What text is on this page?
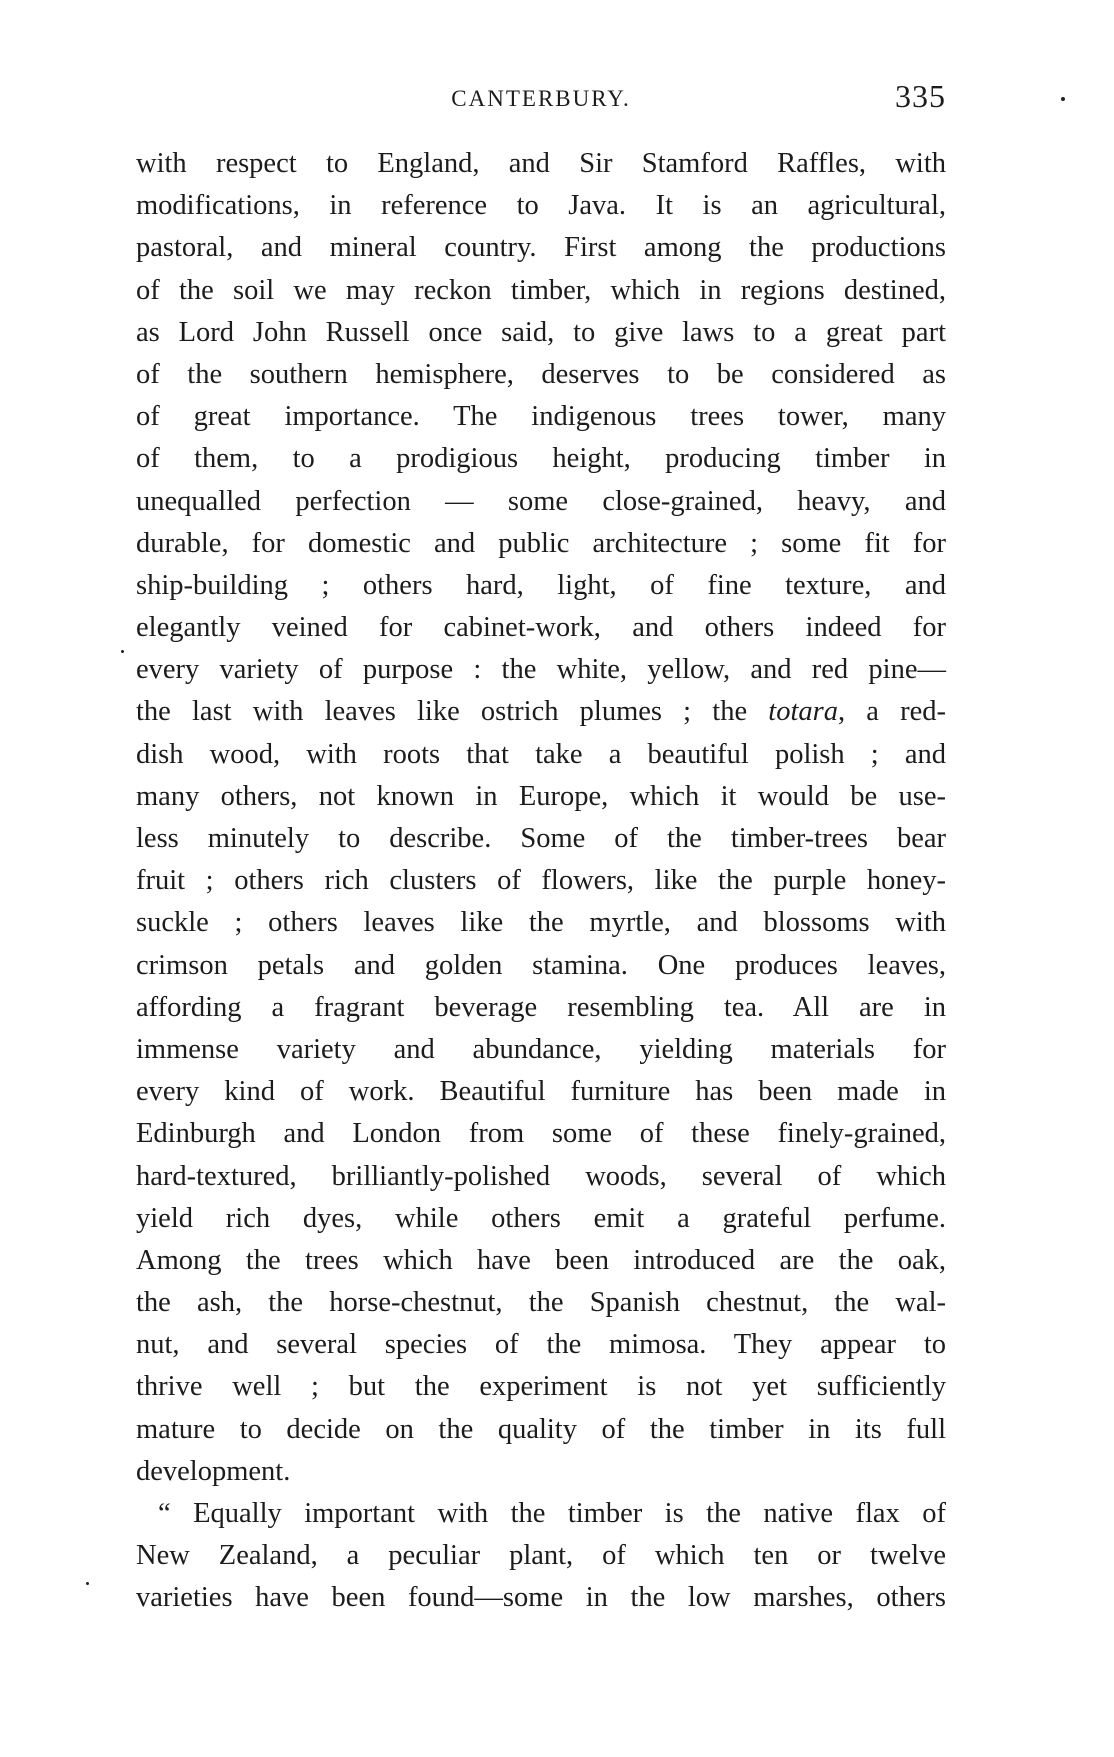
CANTERBURY.	335
with respect to England, and Sir Stamford Raffles, with
modifications, in reference to Java. It is an agricultural,
pastoral, and mineral country. First among the productions
of the soil we may reckon timber, which in regions destined,
as Lord John Russell once said, to give laws to a great part
of the southern hemisphere, deserves to be considered as
of great importance. The indigenous trees tower, many
of them, to a prodigious height, producing timber in
unequalled perfection — some close-grained, heavy, and
durable, for domestic and public architecture ; some fit for
ship-building ; others hard, light, of fine texture, and
elegantly veined for cabinet-work, and others indeed for
every variety of purpose : the white, yellow, and red pine—
the last with leaves like ostrich plumes ; the totara, a red-
dish wood, with roots that take a beautiful polish ; and
many others, not known in Europe, which it would be use-
less minutely to describe. Some of the timber-trees bear
fruit ; others rich clusters of flowers, like the purple honey-
suckle ; others leaves like the myrtle, and blossoms with
crimson petals and golden stamina. One produces leaves,
affording a fragrant beverage resembling tea. All are in
immense variety and abundance, yielding materials for
every kind of work. Beautiful furniture has been made in
Edinburgh and London from some of these finely-grained,
hard-textured, brilliantly-polished woods, several of which
yield rich dyes, while others emit a grateful perfume.
Among the trees which have been introduced are the oak,
the ash, the horse-chestnut, the Spanish chestnut, the wal-
nut, and several species of the mimosa. They appear to
thrive well ; but the experiment is not yet sufficiently
mature to decide on the quality of the timber in its full
development.
“ Equally important with the timber is the native flax of
New Zealand, a peculiar plant, of which ten or twelve
varieties have been found—some in the low marshes, others
